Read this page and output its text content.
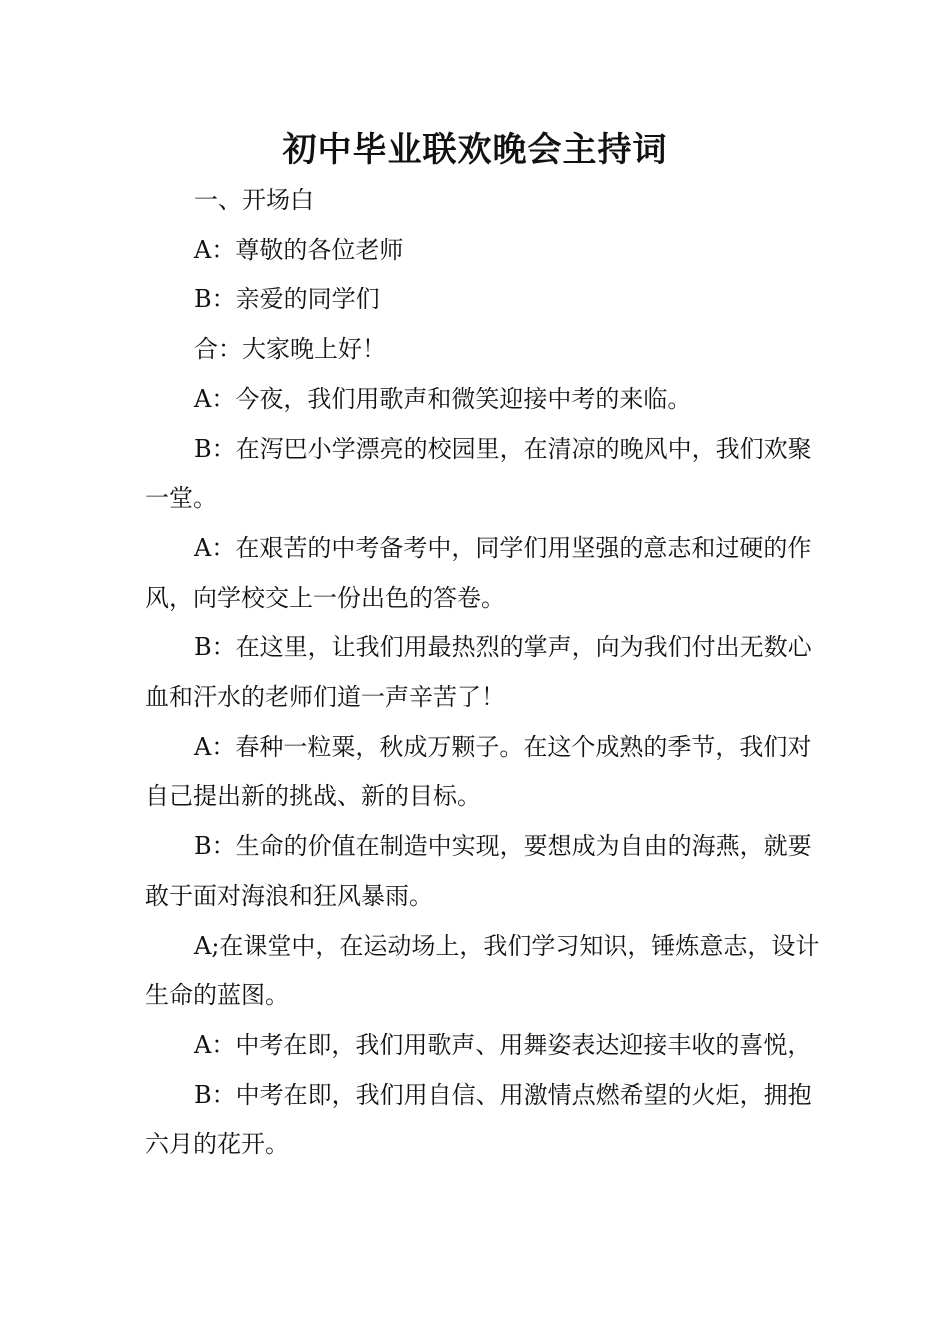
初中毕业联欢晚会主持词

一、开场白

A：尊敬的各位老师

B：亲爱的同学们

合：大家晚上好！

A：今夜，我们用歌声和微笑迎接中考的来临。

B：在泻巴小学漂亮的校园里，在清凉的晚风中，我们欢聚一堂。

A：在艰苦的中考备考中，同学们用坚强的意志和过硬的作风，向学校交上一份出色的答卷。

B：在这里，让我们用最热烈的掌声，向为我们付出无数心血和汗水的老师们道一声辛苦了！

A：春种一粒粟，秋成万颗子。在这个成熟的季节，我们对自己提出新的挑战、新的目标。

B：生命的价值在制造中实现，要想成为自由的海燕，就要敢于面对海浪和狂风暴雨。

A;在课堂中，在运动场上，我们学习知识，锤炼意志，设计生命的蓝图。

A：中考在即，我们用歌声、用舞姿表达迎接丰收的喜悦，

B：中考在即，我们用自信、用激情点燃希望的火炬，拥抱六月的花开。
